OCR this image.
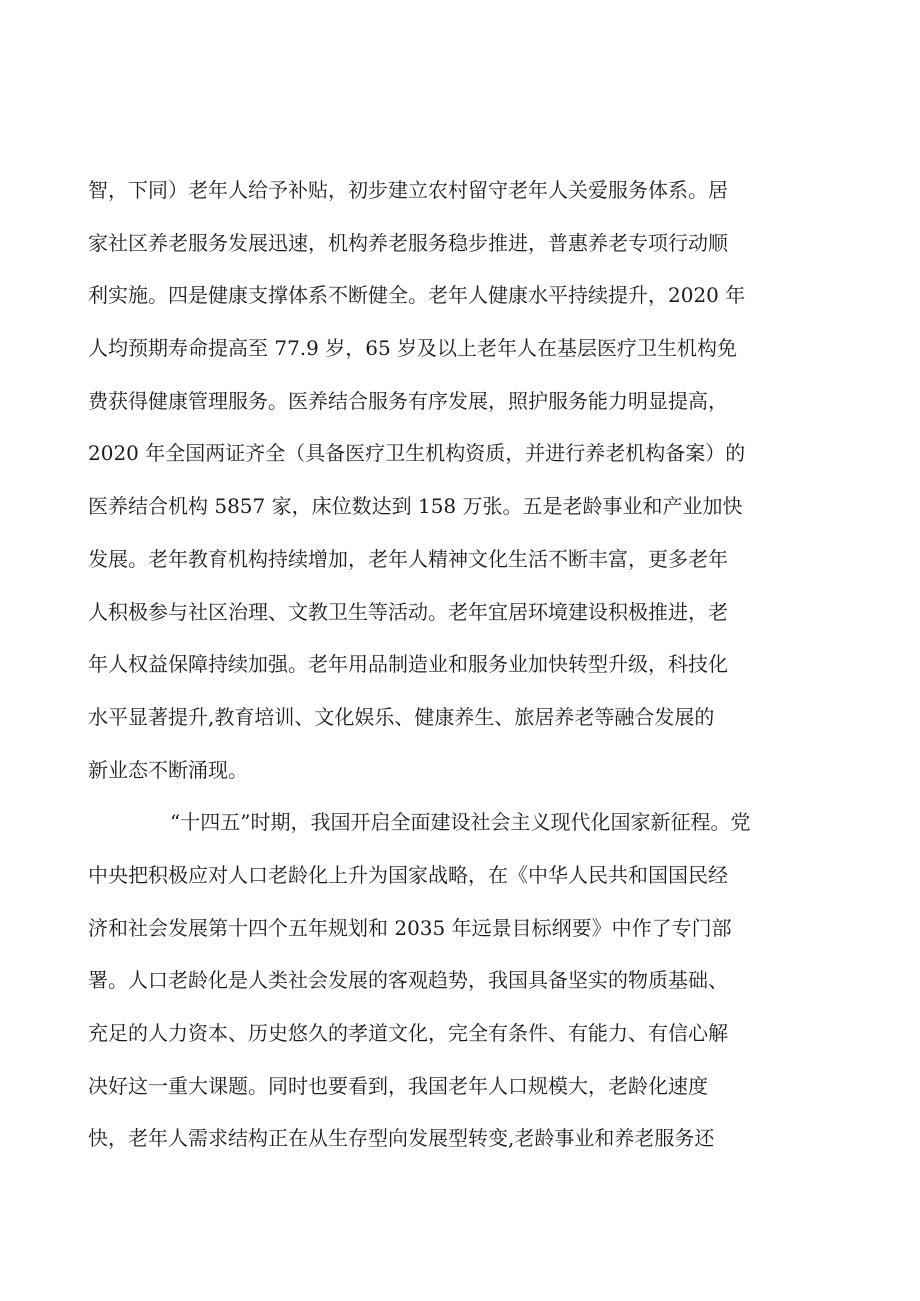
智，下同）老年人给予补贴，初步建立农村留守老年人关爱服务体系。居
家社区养老服务发展迅速，机构养老服务稳步推进，普惠养老专项行动顺
利实施。四是健康支撑体系不断健全。老年人健康水平持续提升，2020 年
人均预期寿命提高至 77.9 岁，65 岁及以上老年人在基层医疗卫生机构免
费获得健康管理服务。医养结合服务有序发展，照护服务能力明显提高，
2020 年全国两证齐全（具备医疗卫生机构资质，并进行养老机构备案）的
医养结合机构 5857 家，床位数达到 158 万张。五是老龄事业和产业加快
发展。老年教育机构持续增加，老年人精神文化生活不断丰富，更多老年
人积极参与社区治理、文教卫生等活动。老年宜居环境建设积极推进，老
年人权益保障持续加强。老年用品制造业和服务业加快转型升级，科技化
水平显著提升,教育培训、文化娱乐、健康养生、旅居养老等融合发展的
新业态不断涌现。
“十四五”时期，我国开启全面建设社会主义现代化国家新征程。党
中央把积极应对人口老龄化上升为国家战略，在《中华人民共和国国民经
济和社会发展第十四个五年规划和 2035 年远景目标纲要》中作了专门部
署。人口老龄化是人类社会发展的客观趋势，我国具备坚实的物质基础、
充足的人力资本、历史悠久的孝道文化，完全有条件、有能力、有信心解
决好这一重大课题。同时也要看到，我国老年人口规模大，老龄化速度
快，老年人需求结构正在从生存型向发展型转变,老龄事业和养老服务还
